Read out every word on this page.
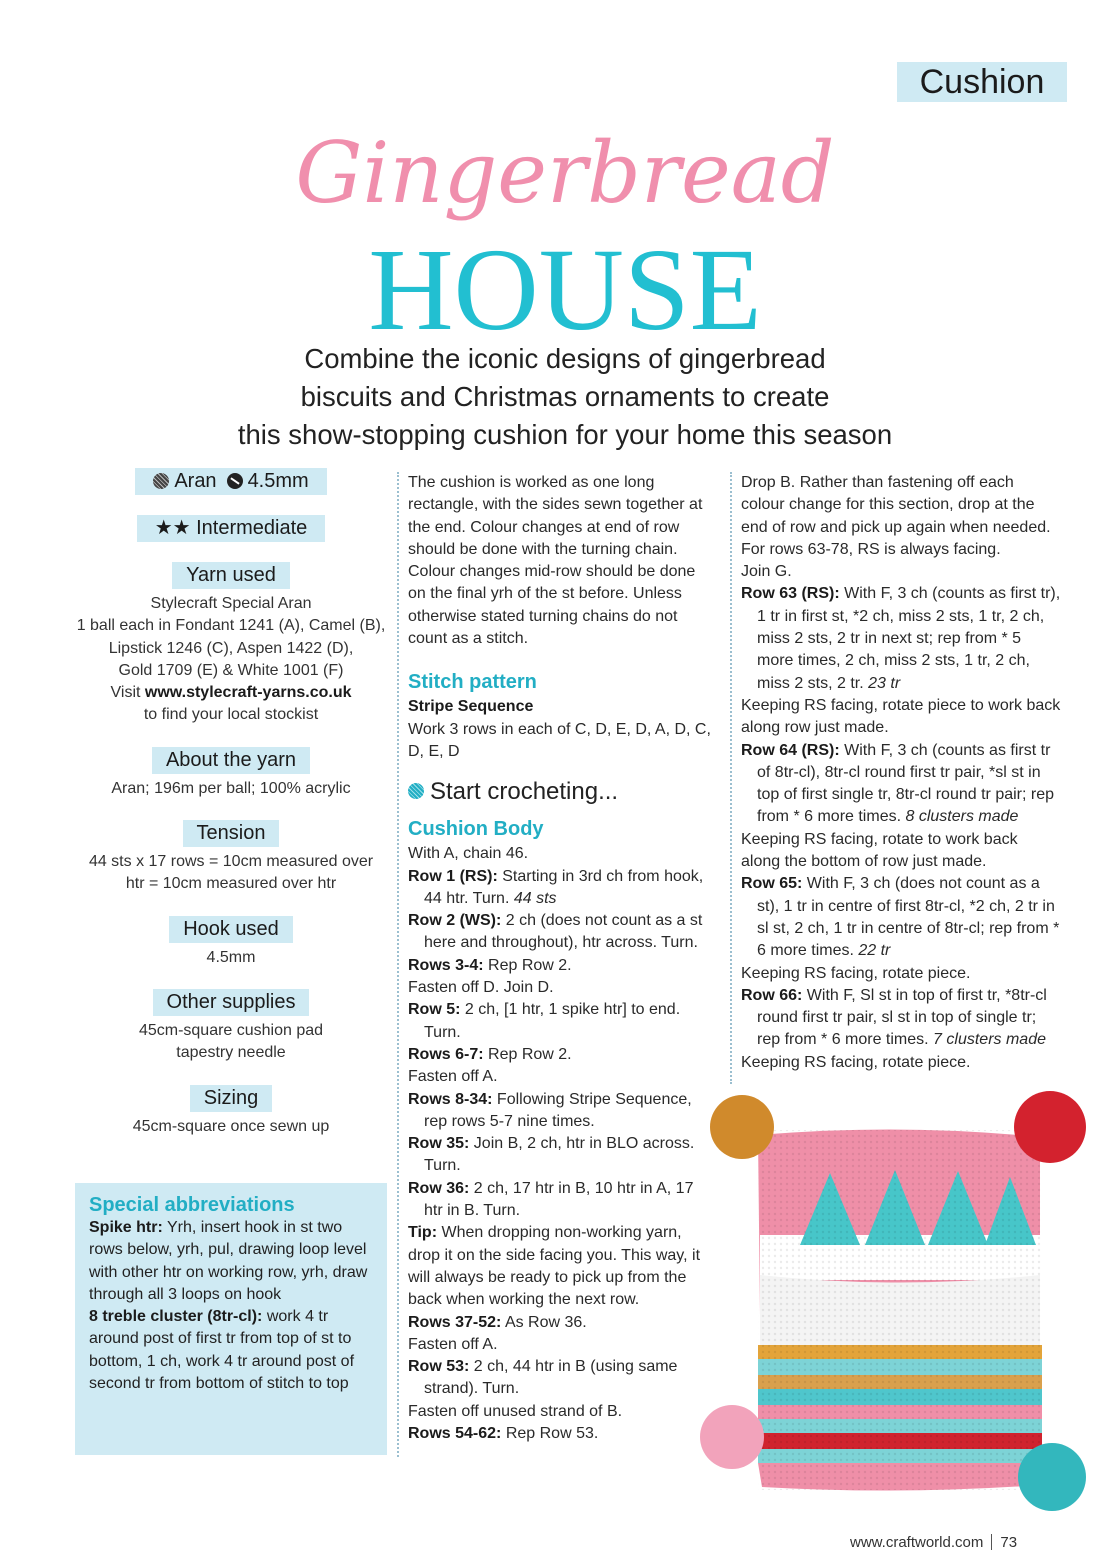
Cushion
Gingerbread
HOUSE
Combine the iconic designs of gingerbread
biscuits and Christmas ornaments to create
this show-stopping cushion for your home this season
Aran 4.5mm
★★ Intermediate
Yarn used
Stylecraft Special Aran
1 ball each in Fondant 1241 (A), Camel (B),
Lipstick 1246 (C), Aspen 1422 (D),
Gold 1709 (E) & White 1001 (F)
Visit www.stylecraft-yarns.co.uk
to find your local stockist
About the yarn
Aran; 196m per ball; 100% acrylic
Tension
44 sts x 17 rows = 10cm measured over
htr = 10cm measured over htr
Hook used
4.5mm
Other supplies
45cm-square cushion pad
tapestry needle
Sizing
45cm-square once sewn up
Special abbreviations
Spike htr: Yrh, insert hook in st two rows below, yrh, pul, drawing loop level with other htr on working row, yrh, draw through all 3 loops on hook
8 treble cluster (8tr-cl): work 4 tr around post of first tr from top of st to bottom, 1 ch, work 4 tr around post of second tr from bottom of stitch to top
The cushion is worked as one long rectangle, with the sides sewn together at the end. Colour changes at end of row should be done with the turning chain. Colour changes mid-row should be done on the final yrh of the st before. Unless otherwise stated turning chains do not count as a stitch.
Stitch pattern
Stripe Sequence
Work 3 rows in each of C, D, E, D, A, D, C, D, E, D
Start crocheting...
Cushion Body
With A, chain 46.
Row 1 (RS): Starting in 3rd ch from hook, 44 htr. Turn. 44 sts
Row 2 (WS): 2 ch (does not count as a st here and throughout), htr across. Turn.
Rows 3-4: Rep Row 2.
Fasten off D. Join D.
Row 5: 2 ch, [1 htr, 1 spike htr] to end. Turn.
Rows 6-7: Rep Row 2.
Fasten off A.
Rows 8-34: Following Stripe Sequence, rep rows 5-7 nine times.
Row 35: Join B, 2 ch, htr in BLO across. Turn.
Row 36: 2 ch, 17 htr in B, 10 htr in A, 17 htr in B. Turn.
Tip: When dropping non-working yarn, drop it on the side facing you. This way, it will always be ready to pick up from the back when working the next row.
Rows 37-52: As Row 36.
Fasten off A.
Row 53: 2 ch, 44 htr in B (using same strand). Turn.
Fasten off unused strand of B.
Rows 54-62: Rep Row 53.
Drop B. Rather than fastening off each colour change for this section, drop at the end of row and pick up again when needed. For rows 63-78, RS is always facing.
Join G.
Row 63 (RS): With F, 3 ch (counts as first tr), 1 tr in first st, *2 ch, miss 2 sts, 1 tr, 2 ch, miss 2 sts, 2 tr in next st; rep from * 5 more times, 2 ch, miss 2 sts, 1 tr, 2 ch, miss 2 sts, 2 tr. 23 tr
Keeping RS facing, rotate piece to work back along row just made.
Row 64 (RS): With F, 3 ch (counts as first tr of 8tr-cl), 8tr-cl round first tr pair, *sl st in top of first single tr, 8tr-cl round tr pair; rep from * 6 more times. 8 clusters made
Keeping RS facing, rotate to work back along the bottom of row just made.
Row 65: With F, 3 ch (does not count as a st), 1 tr in centre of first 8tr-cl, *2 ch, 2 tr in sl st, 2 ch, 1 tr in centre of 8tr-cl; rep from * 6 more times. 22 tr
Keeping RS facing, rotate piece.
Row 66: With F, Sl st in top of first tr, *8tr-cl round first tr pair, sl st in top of single tr; rep from * 6 more times. 7 clusters made
Keeping RS facing, rotate piece.
www.craftworld.com 73
